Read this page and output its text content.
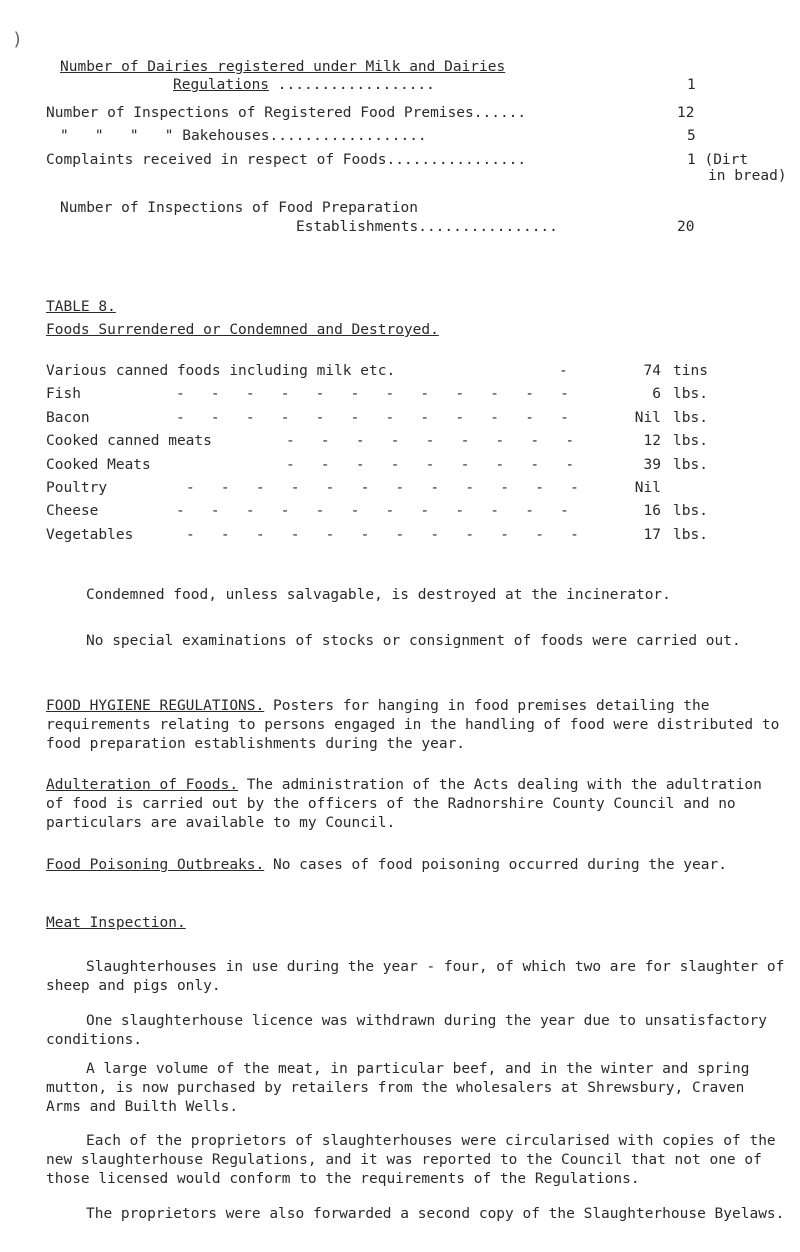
)
Number of Dairies registered under Milk and Dairies
Regulations ..................	1
Number of Inspections of Registered Food Premises......	12
"   "   "   " Bakehouses..................	5
Complaints received in respect of Foods................	1 (Dirt
in bread)
Number of Inspections of Food Preparation
Establishments................	20
TABLE 8.
Foods Surrendered or Condemned and Destroyed.
Various canned foods including milk etc.	-	74 tins
Fish	-   -   -   -   -   -   -   -   -   -   -   -	6 lbs.
Bacon	-   -   -   -   -   -   -   -   -   -   -   -	Nil lbs.
Cooked canned meats	-   -   -   -   -   -   -   -   -	12 lbs.
Cooked Meats	-   -   -   -   -   -   -   -   -	39 lbs.
Poultry	-   -   -   -   -   -   -   -   -   -   -   -	Nil
Cheese	-   -   -   -   -   -   -   -   -   -   -   -	16 lbs.
Vegetables	-   -   -   -   -   -   -   -   -   -   -   -	17 lbs.
Condemned food, unless salvagable, is destroyed at the incinerator.
No special examinations of stocks or consignment of foods were carried out.
FOOD HYGIENE REGULATIONS. Posters for hanging in food premises detailing the requirements relating to persons engaged in the handling of food were distributed to food preparation establishments during the year.
Adulteration of Foods. The administration of the Acts dealing with the adultration of food is carried out by the officers of the Radnorshire County Council and no particulars are available to my Council.
Food Poisoning Outbreaks. No cases of food poisoning occurred during the year.
Meat Inspection.
Slaughterhouses in use during the year - four, of which two are for slaughter of sheep and pigs only.
One slaughterhouse licence was withdrawn during the year due to unsatisfactory conditions.
A large volume of the meat, in particular beef, and in the winter and spring mutton, is now purchased by retailers from the wholesalers at Shrewsbury, Craven Arms and Builth Wells.
Each of the proprietors of slaughterhouses were circularised with copies of the new slaughterhouse Regulations, and it was reported to the Council that not one of those licensed would conform to the requirements of the Regulations.
The proprietors were also forwarded a second copy of the Slaughterhouse Byelaws.
